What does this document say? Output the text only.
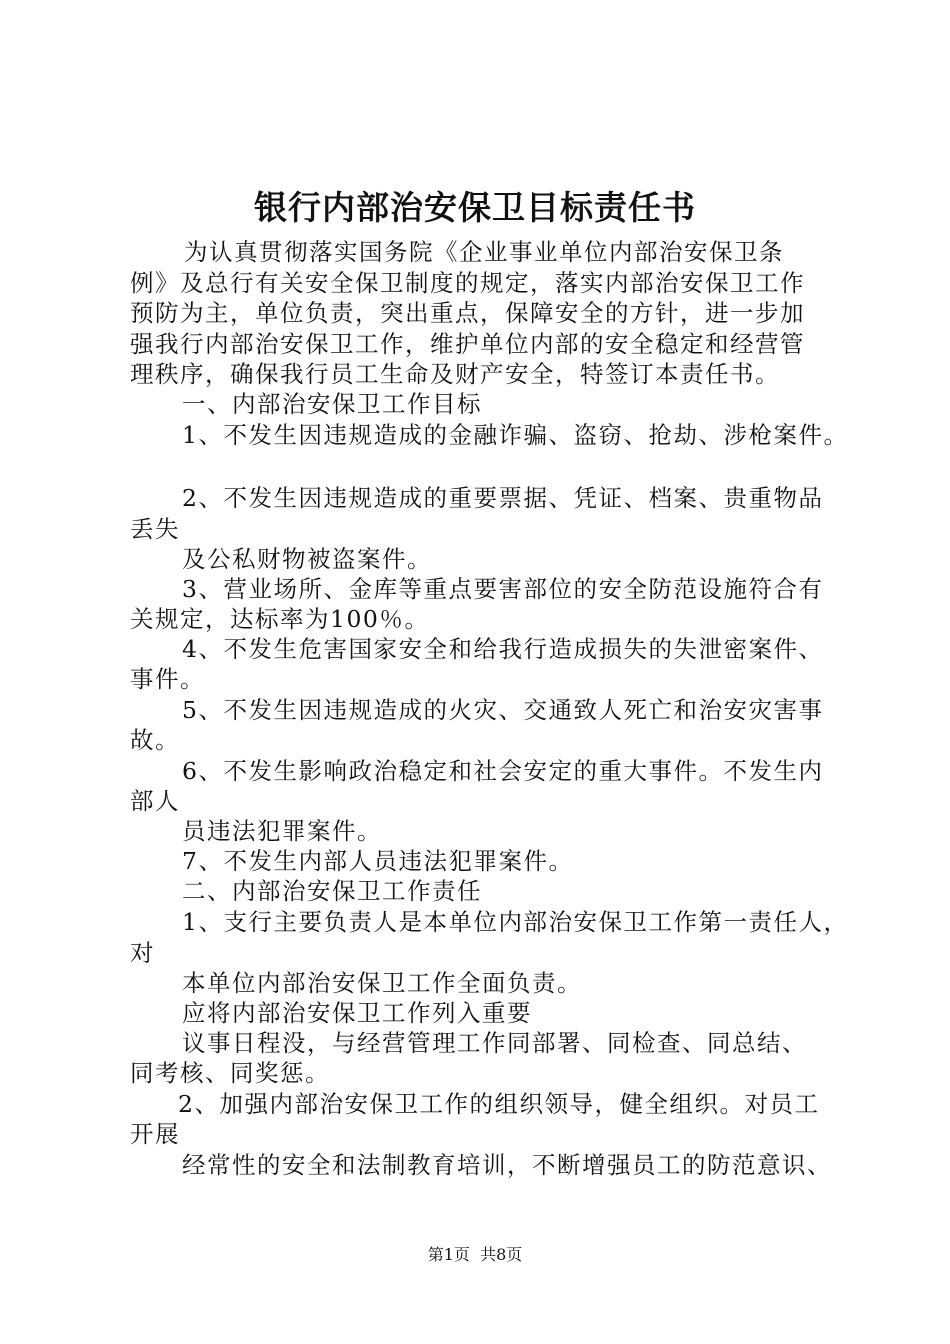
银行内部治安保卫目标责任书
为认真贯彻落实国务院《企业事业单位内部治安保卫条
例》及总行有关安全保卫制度的规定，落实内部治安保卫工作
预防为主，单位负责，突出重点，保障安全的方针，进一步加
强我行内部治安保卫工作，维护单位内部的安全稳定和经营管
理秩序，确保我行员工生命及财产安全，特签订本责任书。
一、内部治安保卫工作目标
1、不发生因违规造成的金融诈骗、盗窃、抢劫、涉枪案件。
2、不发生因违规造成的重要票据、凭证、档案、贵重物品
丢失
及公私财物被盗案件。
3、营业场所、金库等重点要害部位的安全防范设施符合有
关规定，达标率为100％。
4、不发生危害国家安全和给我行造成损失的失泄密案件、
事件。
5、不发生因违规造成的火灾、交通致人死亡和治安灾害事
故。
6、不发生影响政治稳定和社会安定的重大事件。不发生内
部人
员违法犯罪案件。
7、不发生内部人员违法犯罪案件。
二、内部治安保卫工作责任
1、支行主要负责人是本单位内部治安保卫工作第一责任人，
对
本单位内部治安保卫工作全面负责。
应将内部治安保卫工作列入重要
议事日程没，与经营管理工作同部署、同检查、同总结、
同考核、同奖惩。
2、加强内部治安保卫工作的组织领导，健全组织。对员工
开展
经常性的安全和法制教育培训，不断增强员工的防范意识、
第1页  共8页
